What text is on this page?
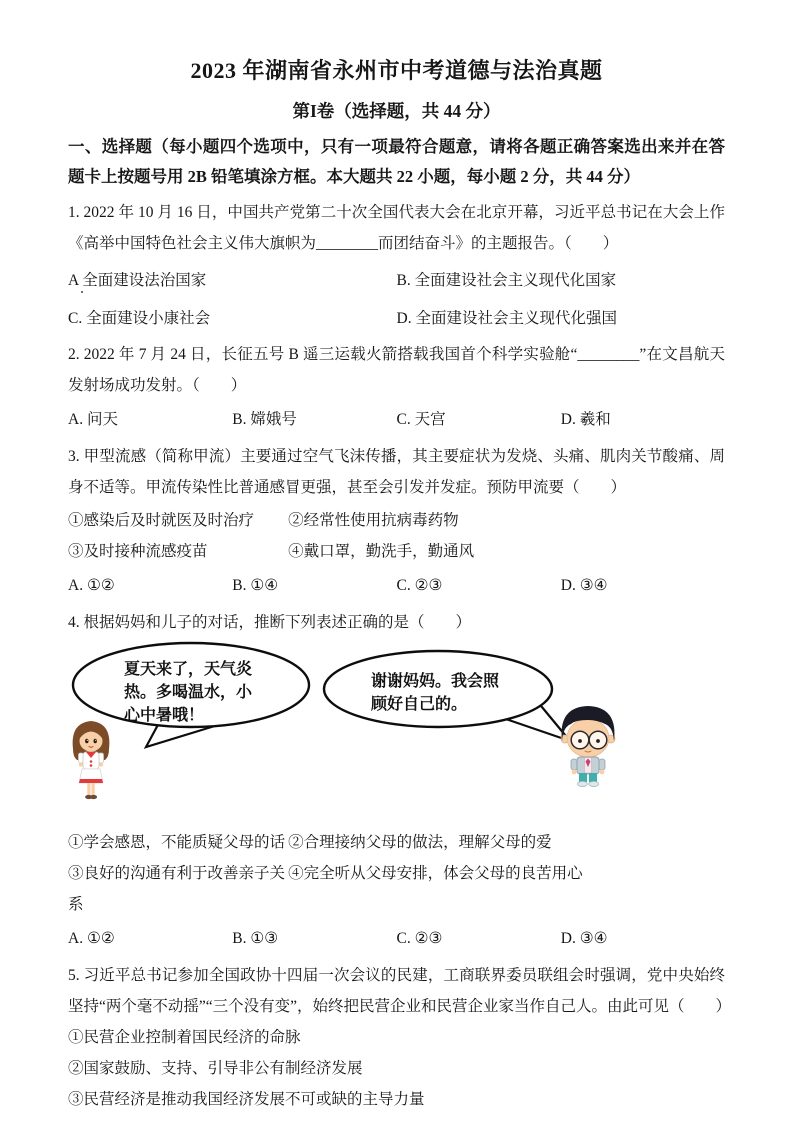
2023 年湖南省永州市中考道德与法治真题
第I卷（选择题，共 44 分）

一、选择题（每小题四个选项中，只有一项最符合题意，请将各题正确答案选出来并在答题卡上按题号用 2B 铅笔填涂方框。本大题共 22 小题，每小题 2 分，共 44 分）

1. 2022 年 10 月 16 日，中国共产党第二十次全国代表大会在北京开幕，习近平总书记在大会上作《高举中国特色社会主义伟大旗帜为________而团结奋斗》的主题报告。（　　）

A 全面建设法治国家	B. 全面建设社会主义现代化国家
C. 全面建设小康社会	D. 全面建设社会主义现代化强国

2. 2022 年 7 月 24 日，长征五号 B 遥三运载火箭搭载我国首个科学实验舱“________”在文昌航天发射场成功发射。（　　）

A. 问天	B. 嫦娥号	C. 天宫	D. 羲和

3. 甲型流感（简称甲流）主要通过空气飞沫传播，其主要症状为发烧、头痛、肌肉关节酸痛、周身不适等。甲流传染性比普通感冒更强，甚至会引发并发症。预防甲流要（　　）

①感染后及时就医及时治疗	②经常性使用抗病毒药物
③及时接种流感疫苗	④戴口罩，勤洗手，勤通风
A. ①②	B. ①④	C. ②③	D. ③④

4. 根据妈妈和儿子的对话，推断下列表述正确的是（　　）

夏天来了，天气炎热。多喝温水，小心中暑哦！
谢谢妈妈。我会照顾好自己的。
①学会感恩，不能质疑父母的话 ②合理接纳父母的做法，理解父母的爱
③良好的沟通有利于改善亲子关系
④完全听从父母安排，体会父母的良苦用心
A. ①②	B. ①③	C. ②③	D. ③④

5. 习近平总书记参加全国政协十四届一次会议的民建，工商联界委员联组会时强调，党中央始终坚持“两个毫不动摇”“三个没有变”，始终把民营企业和民营企业家当作自己人。由此可见（　　）

①民营企业控制着国民经济的命脉

②国家鼓励、支持、引导非公有制经济发展

③民营经济是推动我国经济发展不可或缺的主导力量
